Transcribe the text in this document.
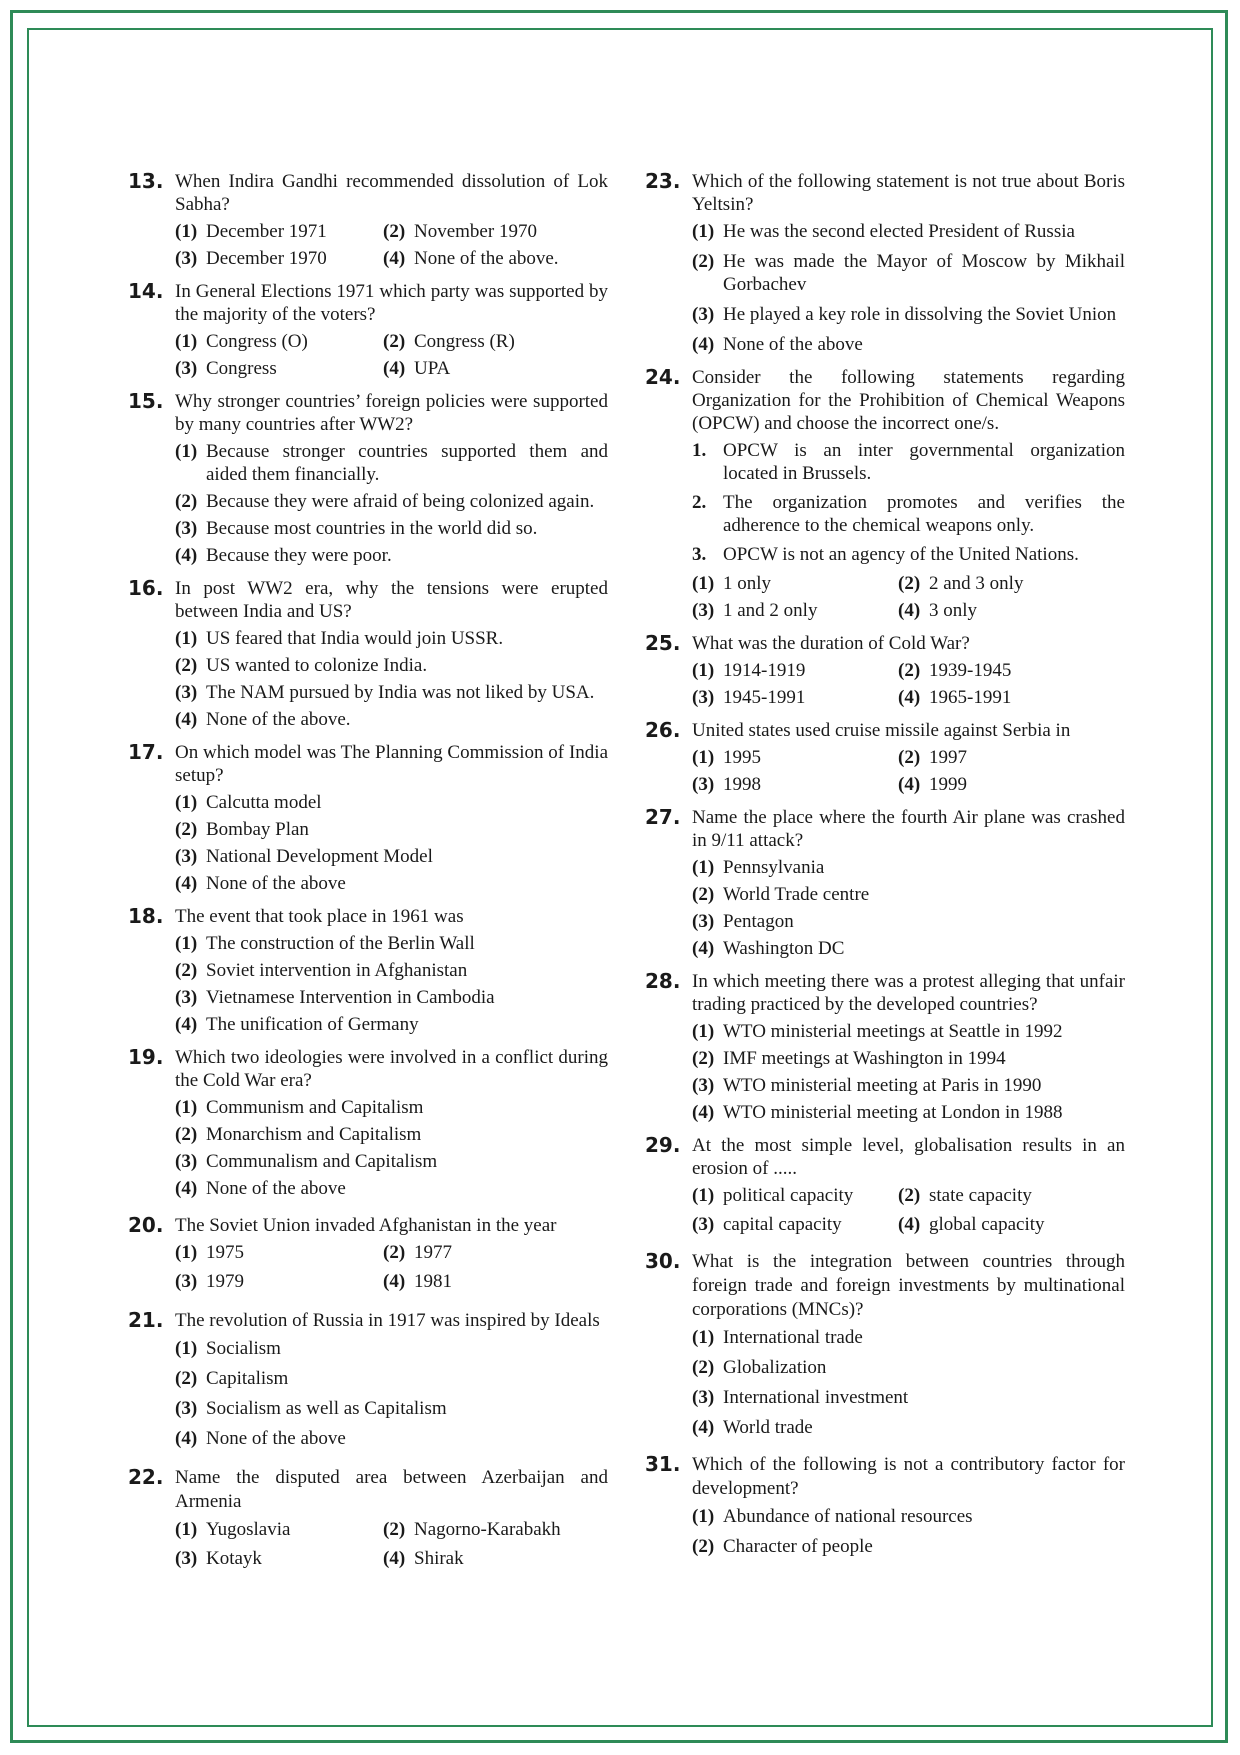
13. When Indira Gandhi recommended dissolution of Lok Sabha?
(1) December 1971	(2) November 1970
(3) December 1970	(4) None of the above.
14. In General Elections 1971 which party was supported by the majority of the voters?
(1) Congress (O)	(2) Congress (R)
(3) Congress	(4) UPA
15. Why stronger countries’ foreign policies were supported by many countries after WW2?
(1) Because stronger countries supported them and aided them financially.
(2) Because they were afraid of being colonized again.
(3) Because most countries in the world did so.
(4) Because they were poor.
16. In post WW2 era, why the tensions were erupted between India and US?
(1) US feared that India would join USSR.
(2) US wanted to colonize India.
(3) The NAM pursued by India was not liked by USA.
(4) None of the above.
17. On which model was The Planning Commission of India setup?
(1) Calcutta model
(2) Bombay Plan
(3) National Development Model
(4) None of the above
18. The event that took place in 1961 was
(1) The construction of the Berlin Wall
(2) Soviet intervention in Afghanistan
(3) Vietnamese Intervention in Cambodia
(4) The unification of Germany
19. Which two ideologies were involved in a conflict during the Cold War era?
(1) Communism and Capitalism
(2) Monarchism and Capitalism
(3) Communalism and Capitalism
(4) None of the above
20. The Soviet Union invaded Afghanistan in the year
(1) 1975	(2) 1977
(3) 1979	(4) 1981
21. The revolution of Russia in 1917 was inspired by Ideals
(1) Socialism
(2) Capitalism
(3) Socialism as well as Capitalism
(4) None of the above
22. Name the disputed area between Azerbaijan and Armenia
(1) Yugoslavia	(2) Nagorno-Karabakh
(3) Kotayk	(4) Shirak
23. Which of the following statement is not true about Boris Yeltsin?
(1) He was the second elected President of Russia
(2) He was made the Mayor of Moscow by Mikhail Gorbachev
(3) He played a key role in dissolving the Soviet Union
(4) None of the above
24. Consider the following statements regarding Organization for the Prohibition of Chemical Weapons (OPCW) and choose the incorrect one/s.
1. OPCW is an inter governmental organization located in Brussels.
2. The organization promotes and verifies the adherence to the chemical weapons only.
3. OPCW is not an agency of the United Nations.
(1) 1 only	(2) 2 and 3 only
(3) 1 and 2 only	(4) 3 only
25. What was the duration of Cold War?
(1) 1914-1919	(2) 1939-1945
(3) 1945-1991	(4) 1965-1991
26. United states used cruise missile against Serbia in
(1) 1995	(2) 1997
(3) 1998	(4) 1999
27. Name the place where the fourth Air plane was crashed in 9/11 attack?
(1) Pennsylvania
(2) World Trade centre
(3) Pentagon
(4) Washington DC
28. In which meeting there was a protest alleging that unfair trading practiced by the developed countries?
(1) WTO ministerial meetings at Seattle in 1992
(2) IMF meetings at Washington in 1994
(3) WTO ministerial meeting at Paris in 1990
(4) WTO ministerial meeting at London in 1988
29. At the most simple level, globalisation results in an erosion of .....
(1) political capacity	(2) state capacity
(3) capital capacity	(4) global capacity
30. What is the integration between countries through foreign trade and foreign investments by multinational corporations (MNCs)?
(1) International trade
(2) Globalization
(3) International investment
(4) World trade
31. Which of the following is not a contributory factor for development?
(1) Abundance of national resources
(2) Character of people
